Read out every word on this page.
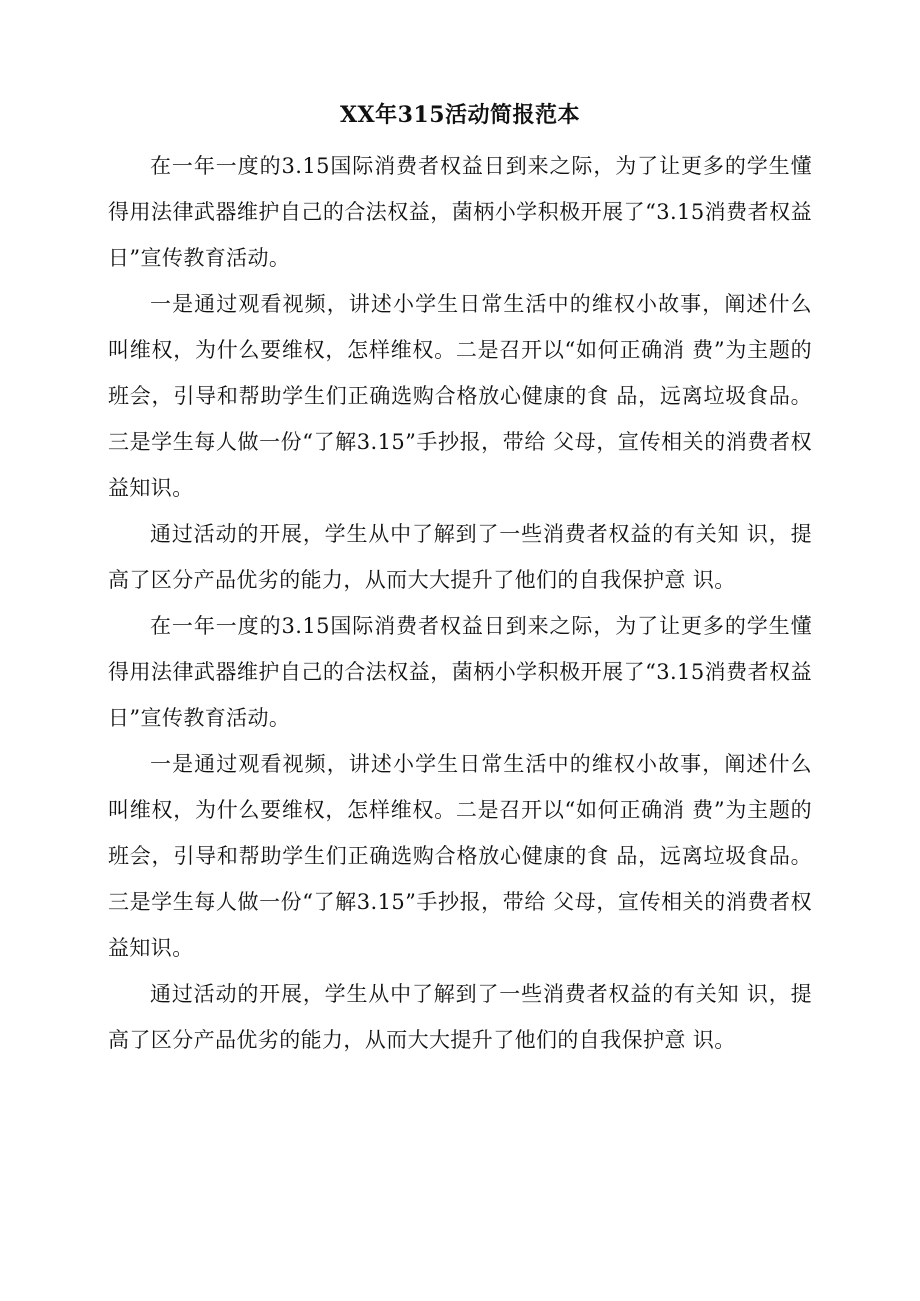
XX年315活动简报范本

在一年一度的3.15国际消费者权益日到来之际，为了让更多的学生懂得用法律武器维护自己的合法权益，菌柄小学积极开展了“3.15消费者权益日”宣传教育活动。

一是通过观看视频，讲述小学生日常生活中的维权小故事，阐述什么叫维权，为什么要维权，怎样维权。二是召开以“如何正确消 费”为主题的班会，引导和帮助学生们正确选购合格放心健康的食 品，远离垃圾食品。三是学生每人做一份“了解3.15”手抄报，带给 父母，宣传相关的消费者权益知识。

通过活动的开展，学生从中了解到了一些消费者权益的有关知 识，提高了区分产品优劣的能力，从而大大提升了他们的自我保护意 识。

在一年一度的3.15国际消费者权益日到来之际，为了让更多的学生懂得用法律武器维护自己的合法权益，菌柄小学积极开展了“3.15消费者权益日”宣传教育活动。

一是通过观看视频，讲述小学生日常生活中的维权小故事，阐述什么叫维权，为什么要维权，怎样维权。二是召开以“如何正确消 费”为主题的班会，引导和帮助学生们正确选购合格放心健康的食 品，远离垃圾食品。三是学生每人做一份“了解3.15”手抄报，带给 父母，宣传相关的消费者权益知识。

通过活动的开展，学生从中了解到了一些消费者权益的有关知 识，提高了区分产品优劣的能力，从而大大提升了他们的自我保护意 识。
